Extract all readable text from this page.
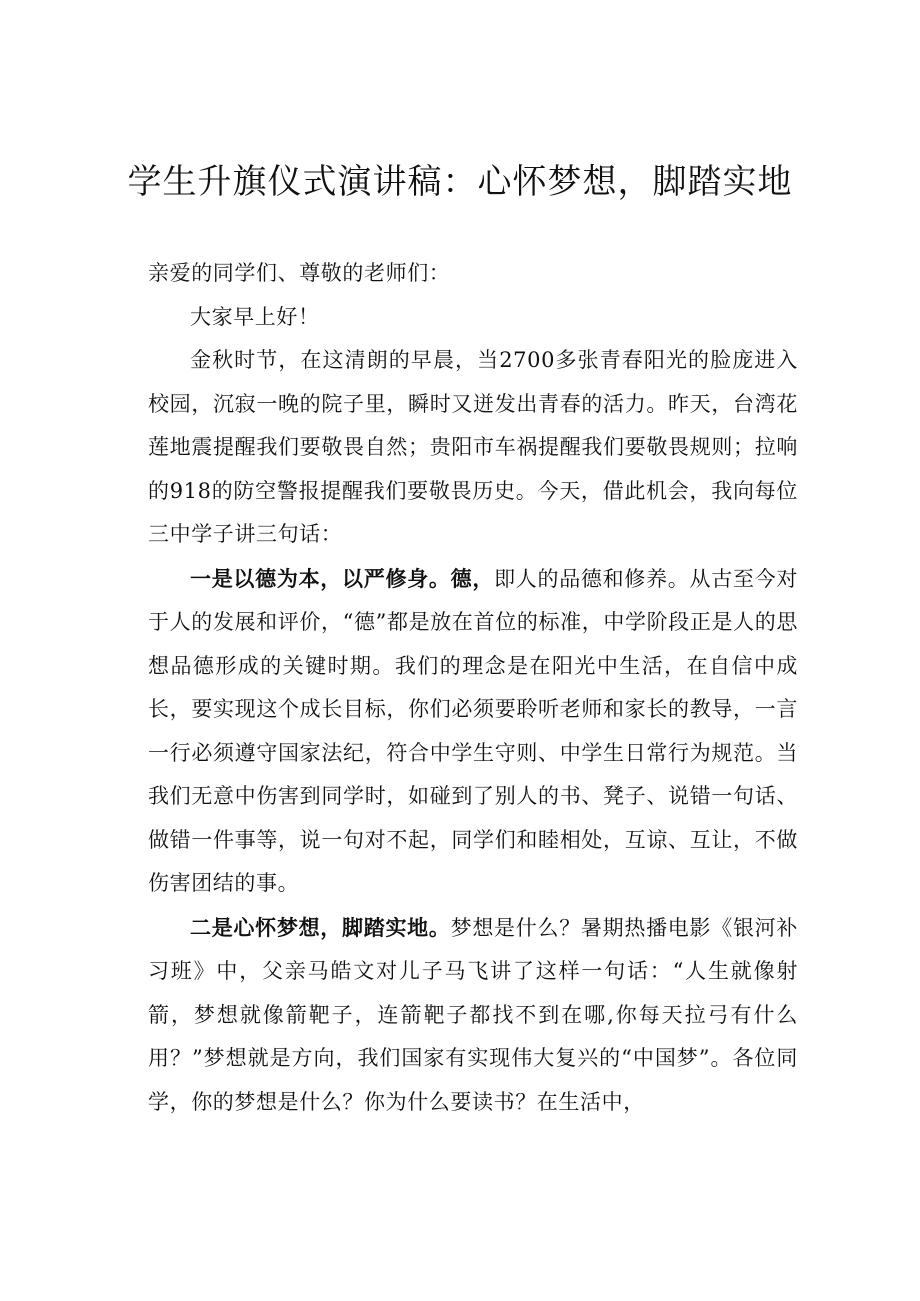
学生升旗仪式演讲稿：心怀梦想，脚踏实地

亲爱的同学们、尊敬的老师们：

大家早上好！

金秋时节，在这清朗的早晨，当2700多张青春阳光的脸庞进入校园，沉寂一晚的院子里，瞬时又迸发出青春的活力。昨天，台湾花莲地震提醒我们要敬畏自然；贵阳市车祸提醒我们要敬畏规则；拉响的918的防空警报提醒我们要敬畏历史。今天，借此机会，我向每位三中学子讲三句话：

一是以德为本，以严修身。德，即人的品德和修养。从古至今对于人的发展和评价，“德”都是放在首位的标准，中学阶段正是人的思想品德形成的关键时期。我们的理念是在阳光中生活，在自信中成长，要实现这个成长目标，你们必须要聆听老师和家长的教导，一言一行必须遵守国家法纪，符合中学生守则、中学生日常行为规范。当我们无意中伤害到同学时，如碰到了别人的书、凳子、说错一句话、做错一件事等，说一句对不起，同学们和睦相处，互谅、互让，不做伤害团结的事。

二是心怀梦想，脚踏实地。梦想是什么？暑期热播电影《银河补习班》中，父亲马皓文对儿子马飞讲了这样一句话：“人生就像射箭，梦想就像箭靶子，连箭靶子都找不到在哪,你每天拉弓有什么用？”梦想就是方向，我们国家有实现伟大复兴的“中国梦”。各位同学，你的梦想是什么？你为什么要读书？在生活中，
